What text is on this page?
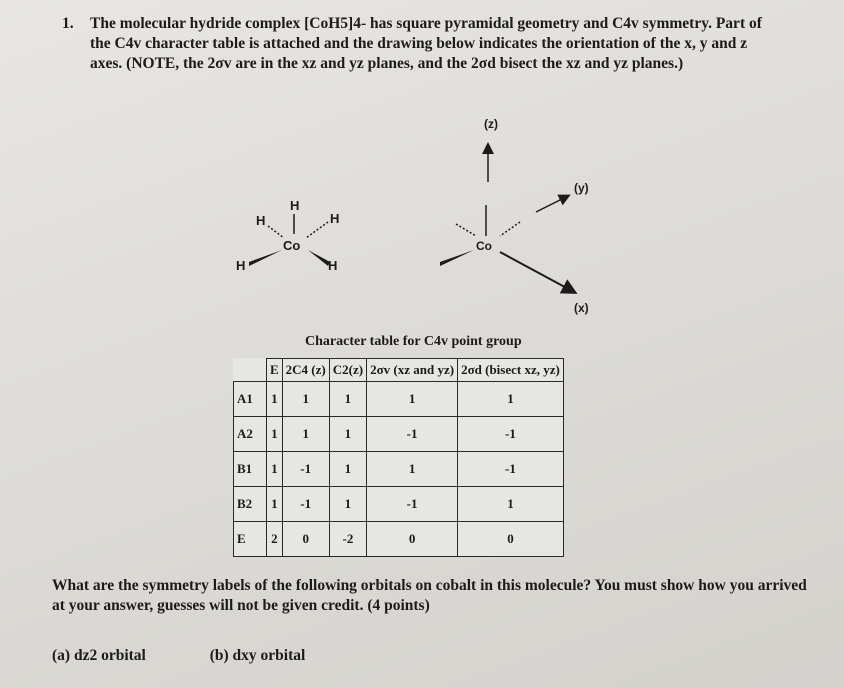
1. The molecular hydride complex [CoH5]4- has square pyramidal geometry and C4v symmetry. Part of the C4v character table is attached and the drawing below indicates the orientation of the x, y and z axes. (NOTE, the 2σv are in the xz and yz planes, and the 2σd bisect the xz and yz planes.)
H
H	H
Co
H	H
(z)
Co
(y)
(x)
Character table for C4v point group
	E	2C4 (z)	C2(z)	2σv (xz and yz)	2σd (bisect xz, yz)
A1	1	1	1	1	1
A2	1	1	1	-1	-1
B1	1	-1	1	1	-1
B2	1	-1	1	-1	1
E	2	0	-2	0	0
What are the symmetry labels of the following orbitals on cobalt in this molecule? You must show how you arrived at your answer, guesses will not be given credit. (4 points)
(a) dz2 orbital	(b) dxy orbital
